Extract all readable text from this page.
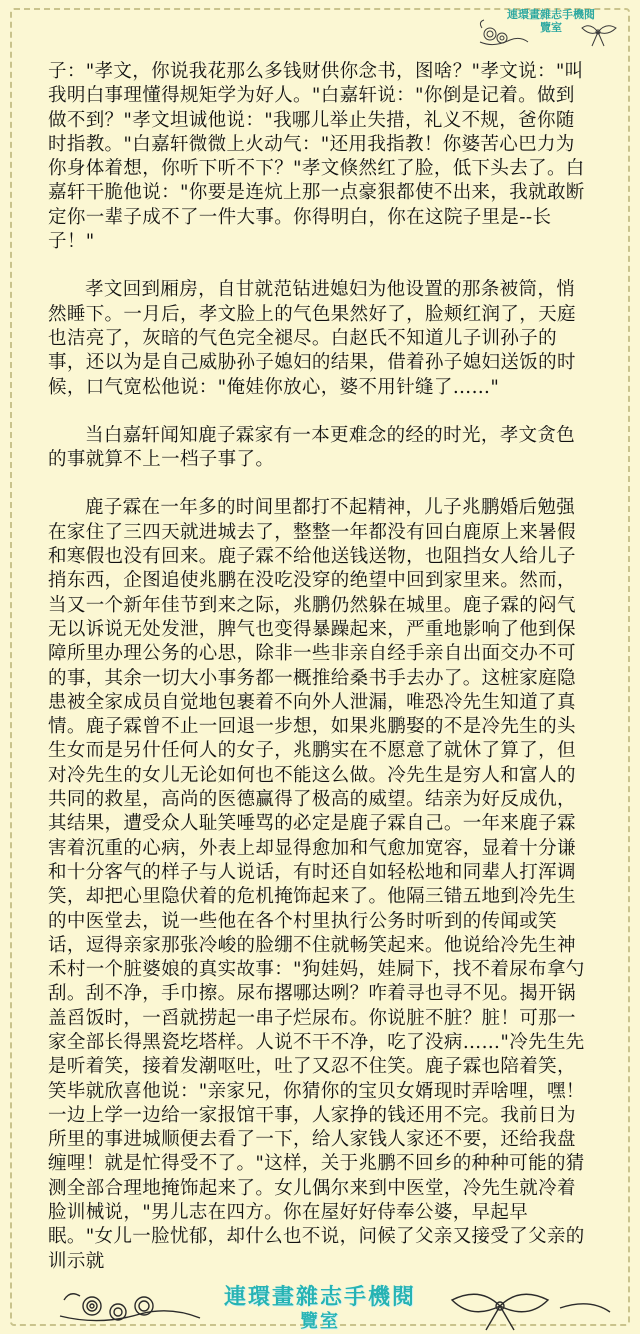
連環畫雜志手機閱
覽室

子："孝文，你说我花那么多钱财供你念书，图啥？"孝文说："叫我明白事理懂得规矩学为好人。"白嘉轩说："你倒是记着。做到做不到？"孝文坦诚他说："我哪儿举止失措，礼义不规，爸你随时指教。"白嘉轩微微上火动气："还用我指教！你婆苦心巴力为你身体着想，你听下听不下？"孝文倏然红了脸，低下头去了。白嘉轩干脆他说："你要是连炕上那一点豪狠都使不出来，我就敢断定你一辈子成不了一件大事。你得明白，你在这院子里是--长子！"

孝文回到厢房，自甘就范钻进媳妇为他设置的那条被筒，悄然睡下。一月后，孝文脸上的气色果然好了，脸颊红润了，天庭也洁亮了，灰暗的气色完全褪尽。白赵氏不知道儿子训孙子的事，还以为是自己威胁孙子媳妇的结果，借着孙子媳妇送饭的时候，口气宽松他说："俺娃你放心，婆不用针缝了……"

当白嘉轩闻知鹿子霖家有一本更难念的经的时光，孝文贪色的事就算不上一档子事了。

鹿子霖在一年多的时间里都打不起精神，儿子兆鹏婚后勉强在家住了三四天就进城去了，整整一年都没有回白鹿原上来暑假和寒假也没有回来。鹿子霖不给他送钱送物，也阻挡女人给儿子捎东西，企图追使兆鹏在没吃没穿的绝望中回到家里来。然而，当又一个新年佳节到来之际，兆鹏仍然躲在城里。鹿子霖的闷气无以诉说无处发泄，脾气也变得暴躁起来，严重地影响了他到保障所里办理公务的心思，除非一些非亲自经手亲自出面交办不可的事，其余一切大小事务都一概推给桑书手去办了。这桩家庭隐患被全家成员自觉地包裹着不向外人泄漏，唯恐冷先生知道了真情。鹿子霖曾不止一回退一步想，如果兆鹏娶的不是冷先生的头生女而是另什任何人的女子，兆鹏实在不愿意了就休了算了，但对冷先生的女儿无论如何也不能这么做。冷先生是穷人和富人的共同的救星，高尚的医德赢得了极高的威望。结亲为好反成仇，其结果，遭受众人耻笑唾骂的必定是鹿子霖自己。一年来鹿子霖害着沉重的心病，外表上却显得愈加和气愈加宽容，显着十分谦和十分客气的样子与人说话，有时还自如轻松地和同辈人打浑调笑，却把心里隐伏着的危机掩饰起来了。他隔三错五地到冷先生的中医堂去，说一些他在各个村里执行公务时听到的传闻或笑话，逗得亲家那张冷峻的脸绷不住就畅笑起来。他说给冷先生神禾村一个脏婆娘的真实故事："狗娃妈，娃屙下，找不着尿布拿勺刮。刮不净，手巾擦。尿布撂哪达咧？咋着寻也寻不见。揭开锅盖舀饭时，一舀就捞起一串子烂尿布。你说脏不脏？脏！可那一家全部长得黑瓷圪塔样。人说不干不净，吃了没病……"冷先生先是听着笑，接着发潮呕吐，吐了又忍不住笑。鹿子霖也陪着笑，笑毕就欣喜他说："亲家兄，你猜你的宝贝女婿现时弄啥哩，嘿！一边上学一边给一家报馆干事，人家挣的钱还用不完。我前日为所里的事进城顺便去看了一下，给人家钱人家还不要，还给我盘缠哩！就是忙得受不了。"这样，关于兆鹏不回乡的种种可能的猜测全部合理地掩饰起来了。女儿偶尔来到中医堂，冷先生就冷着脸训械说，"男儿志在四方。你在屋好好侍奉公婆，早起早眠。"女儿一脸忧郁，却什么也不说，问候了父亲又接受了父亲的训示就

連環畫雜志手機閱
覽室
